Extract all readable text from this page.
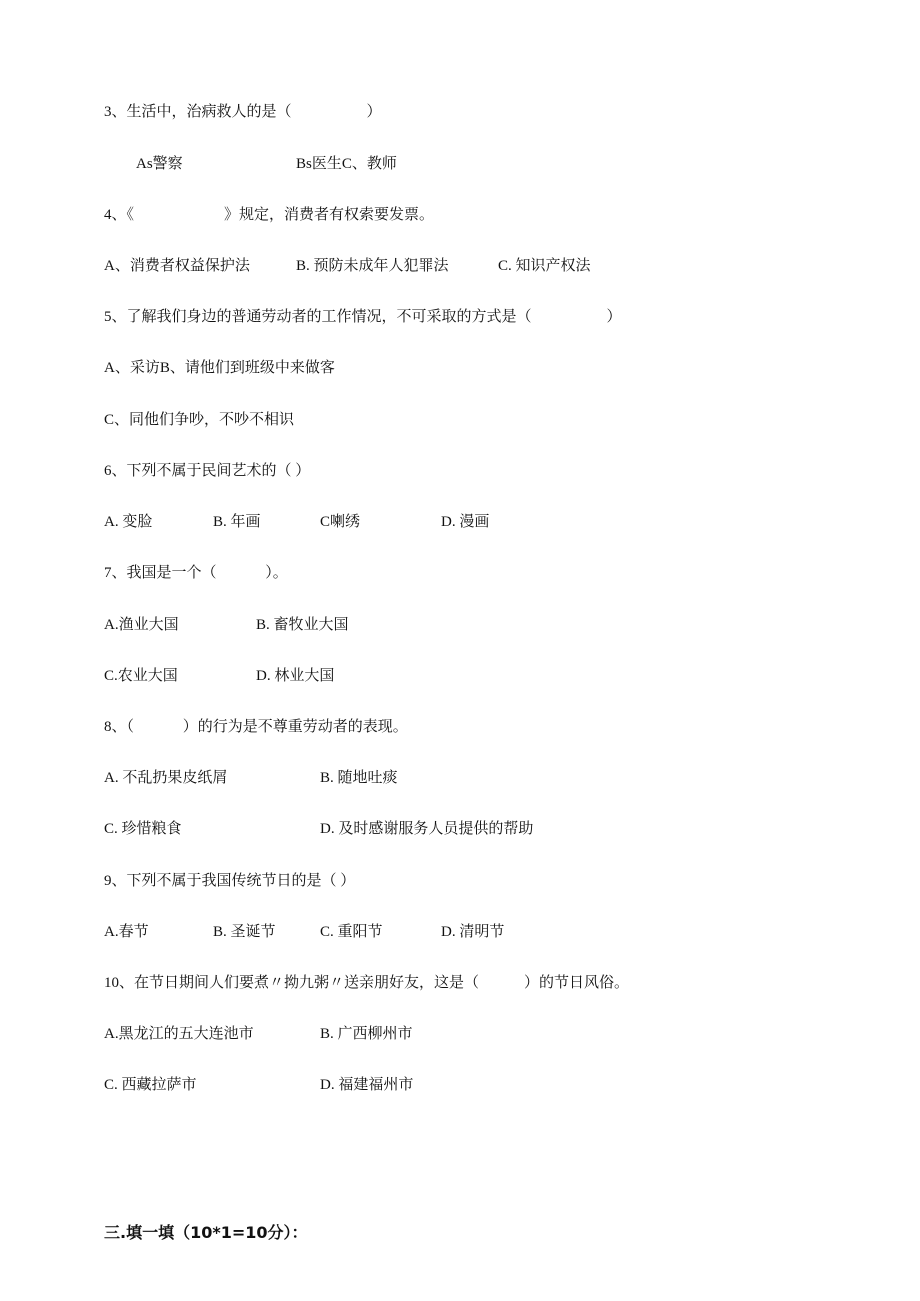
3、生活中，治病救人的是（                    ）
As警察	Bs医生C、教师
4、《                        》规定，消费者有权索要发票。
A、消费者权益保护法	B. 预防未成年人犯罪法	C. 知识产权法
5、了解我们身边的普通劳动者的工作情况，不可采取的方式是（                    ）
A、采访B、请他们到班级中来做客
C、同他们争吵，不吵不相识
6、下列不属于民间艺术的（ ）
A. 变脸	B. 年画	C喇绣	D. 漫画
7、我国是一个（             ）。
A.渔业大国	B. 畜牧业大国
C.农业大国	D. 林业大国
8、（             ）的行为是不尊重劳动者的表现。
A. 不乱扔果皮纸屑	B. 随地吐痰
C. 珍惜粮食	D. 及时感谢服务人员提供的帮助
9、下列不属于我国传统节日的是（ ）
A.春节	B. 圣诞节	C. 重阳节	D. 清明节
10、在节日期间人们要煮〃拗九粥〃送亲朋好友，这是（            ）的节日风俗。
A.黑龙江的五大连池市	B. 广西柳州市
C. 西藏拉萨市	D. 福建福州市
三.填一填（10*1=10分）：
